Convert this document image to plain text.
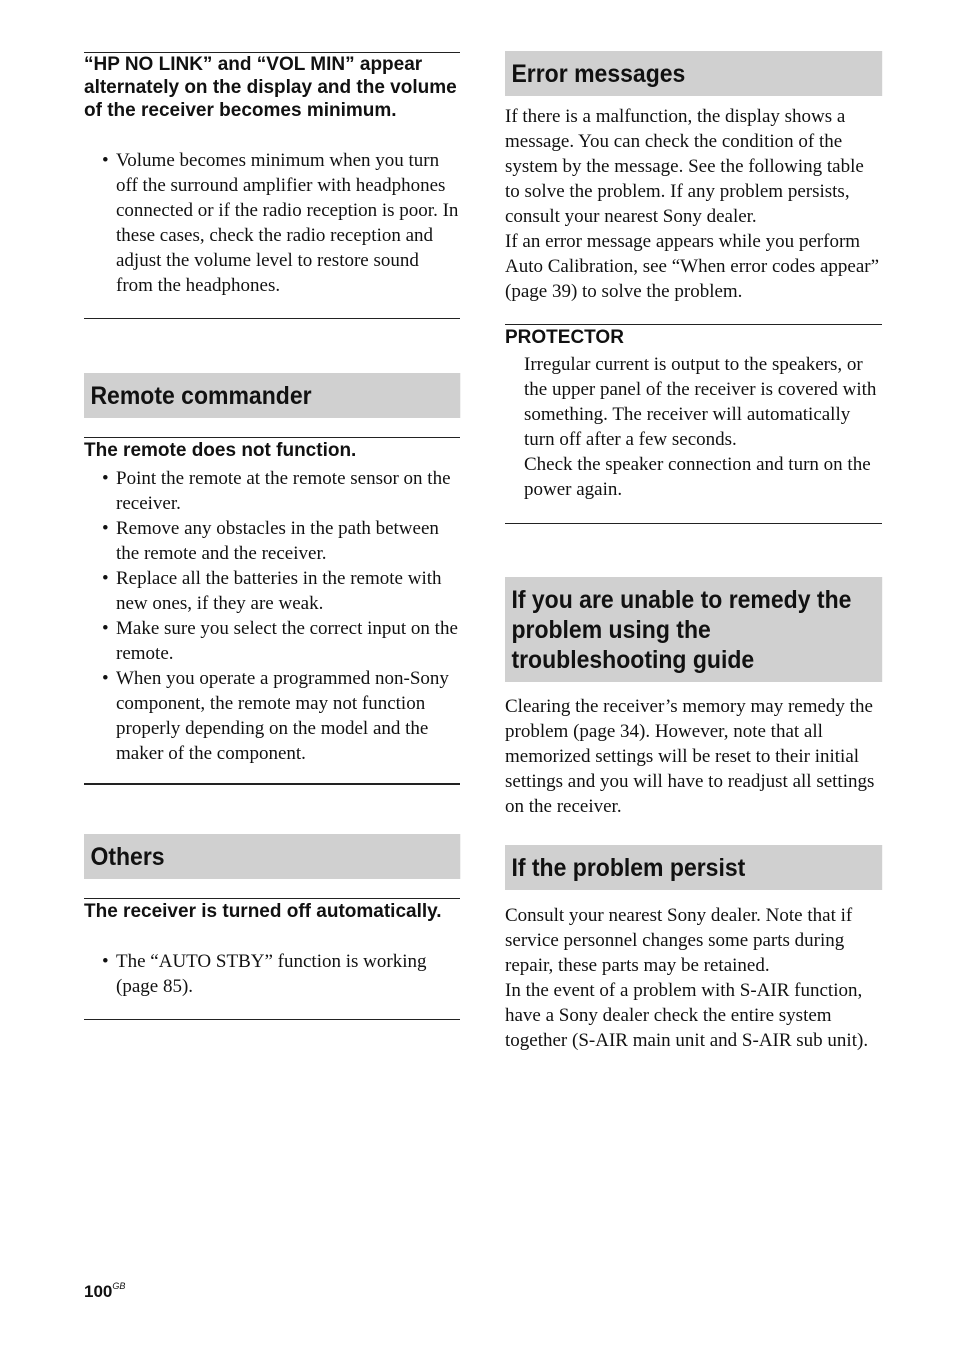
“HP NO LINK” and “VOL MIN” appear alternately on the display and the volume of the receiver becomes minimum.
• Volume becomes minimum when you turn off the surround amplifier with headphones connected or if the radio reception is poor. In these cases, check the radio reception and adjust the volume level to restore sound from the headphones.
Remote commander
The remote does not function.
• Point the remote at the remote sensor on the receiver.
• Remove any obstacles in the path between the remote and the receiver.
• Replace all the batteries in the remote with new ones, if they are weak.
• Make sure you select the correct input on the remote.
• When you operate a programmed non-Sony component, the remote may not function properly depending on the model and the maker of the component.
Others
The receiver is turned off automatically.
• The “AUTO STBY” function is working (page 85).
Error messages

If there is a malfunction, the display shows a message. You can check the condition of the system by the message. See the following table to solve the problem. If any problem persists, consult your nearest Sony dealer.

If an error message appears while you perform Auto Calibration, see “When error codes appear” (page 39) to solve the problem.

PROTECTOR

Irregular current is output to the speakers, or the upper panel of the receiver is covered with something. The receiver will automatically turn off after a few seconds.

Check the speaker connection and turn on the power again.

If you are unable to remedy the problem using the troubleshooting guide
Clearing the receiver’s memory may remedy the problem (page 34). However, note that all memorized settings will be reset to their initial settings and you will have to readjust all settings on the receiver.
If the problem persist

Consult your nearest Sony dealer. Note that if service personnel changes some parts during repair, these parts may be retained.

In the event of a problem with S-AIR function, have a Sony dealer check the entire system together (S-AIR main unit and S-AIR sub unit).

$100^{GB}$
